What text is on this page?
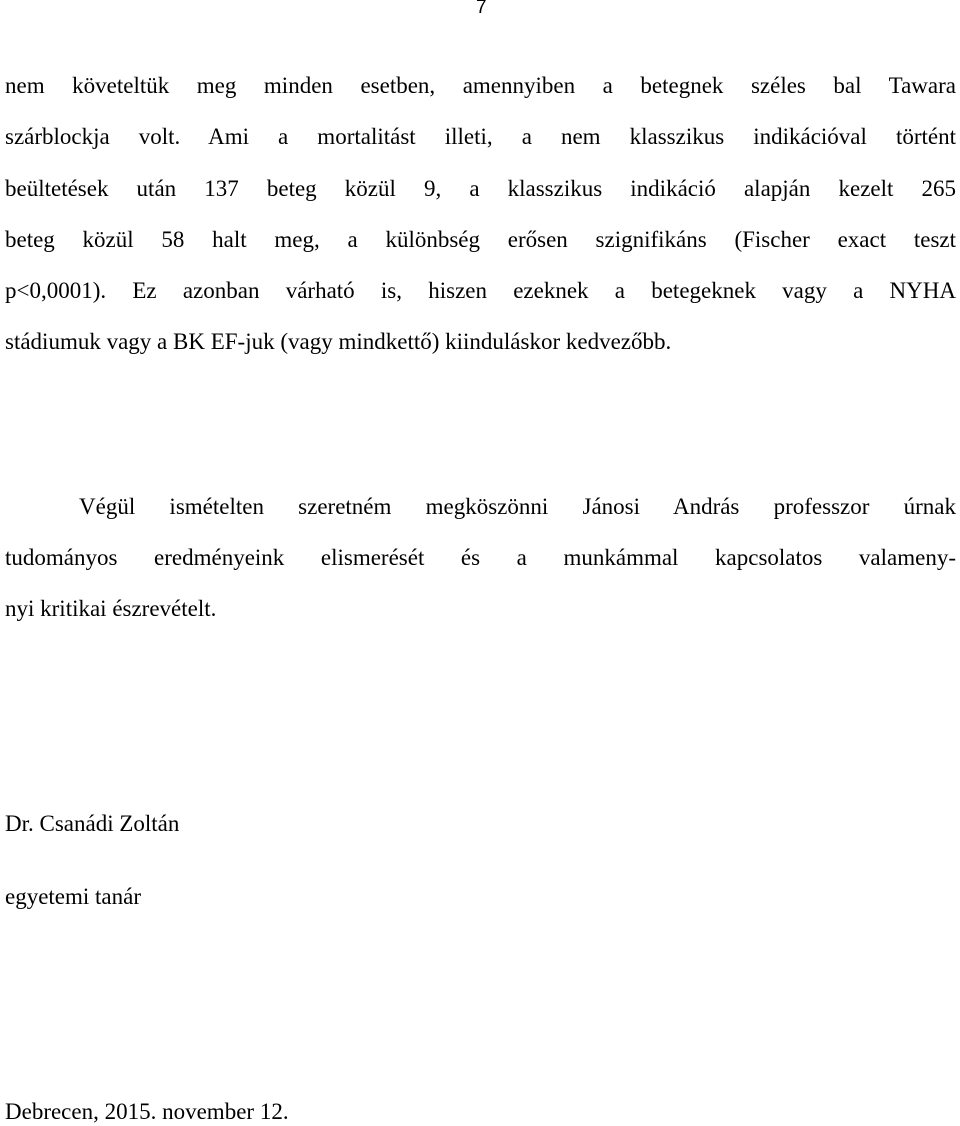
7
nem követeltük meg minden esetben, amennyiben a betegnek széles bal Tawara
szárblockja volt. Ami a mortalitást illeti, a nem klasszikus indikációval történt
beültetések után 137 beteg közül 9, a klasszikus indikáció alapján kezelt 265
beteg közül 58 halt meg, a különbség erősen szignifikáns (Fischer exact teszt
p<0,0001). Ez azonban várható is, hiszen ezeknek a betegeknek vagy a NYHA
stádiumuk vagy a BK EF-juk (vagy mindkettő) kiinduláskor kedvezőbb.
Végül ismételten szeretném megköszönni Jánosi András professzor úrnak
tudományos eredményeink elismerését és a munkámmal kapcsolatos valameny-
nyi kritikai észrevételt.
Dr. Csanádi Zoltán
egyetemi tanár
Debrecen, 2015. november 12.
